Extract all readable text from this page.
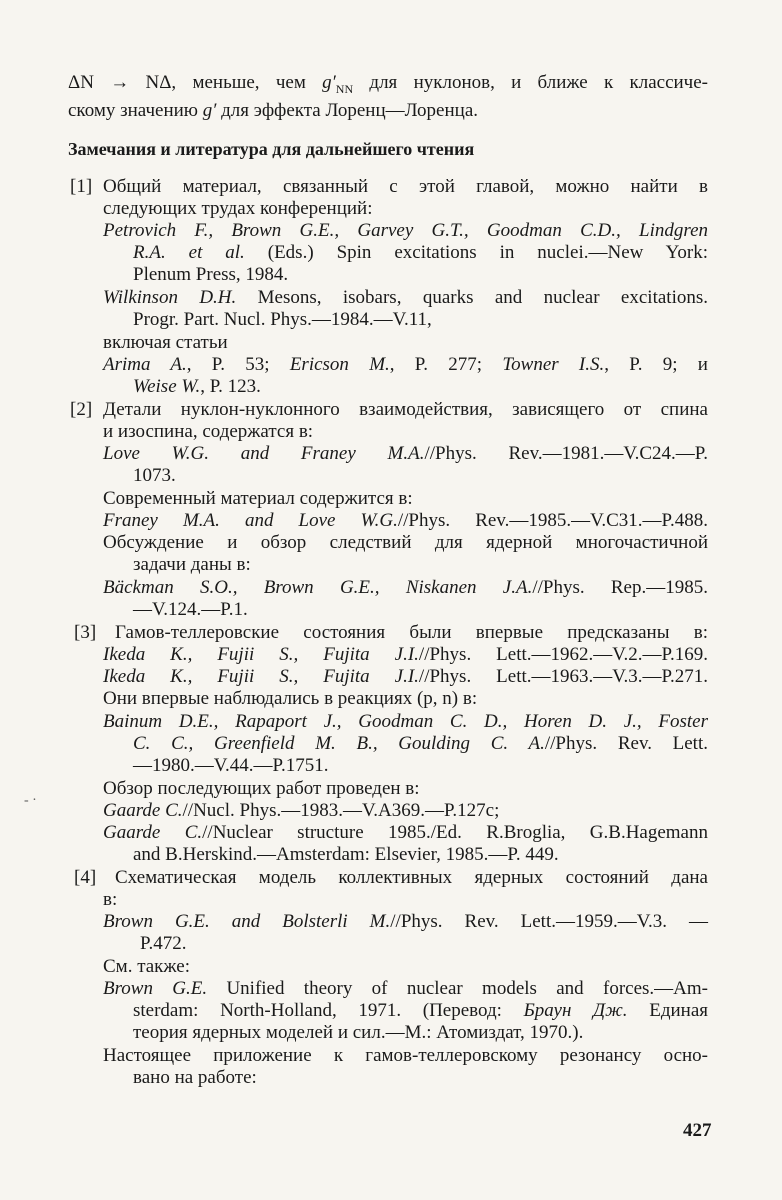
ΔN → NΔ, меньше, чем $g'_{NN}$ для нуклонов, и ближе к классиче-
скому значению g′ для эффекта Лоренц—Лоренца.
Замечания и литература для дальнейшего чтения
[1] Общий материал, связанный с этой главой, можно найти в
следующих трудах конференций:
Petrovich F., Brown G.E., Garvey G.T., Goodman C.D., Lindgren
R.A. et al. (Eds.) Spin excitations in nuclei.—New York:
Plenum Press, 1984.
Wilkinson D.H. Mesons, isobars, quarks and nuclear excitations.
Progr. Part. Nucl. Phys.—1984.—V.11,
включая статьи
Arima A., P. 53; Ericson M., P. 277; Towner I.S., P. 9; и
Weise W., P. 123.
[2] Детали нуклон-нуклонного взаимодействия, зависящего от спина
и изоспина, содержатся в:
Love W.G. and Franey M.A.//Phys. Rev.—1981.—V.C24.—P.
1073.
Современный материал содержится в:
Franey M.A. and Love W.G.//Phys. Rev.—1985.—V.C31.—P.488.
Обсуждение и обзор следствий для ядерной многочастичной
задачи даны в:
Bäckman S.O., Brown G.E., Niskanen J.A.//Phys. Rep.—1985.
—V.124.—P.1.
[3] Гамов-теллеровские состояния были впервые предсказаны в:
Ikeda K., Fujii S., Fujita J.I.//Phys. Lett.—1962.—V.2.—P.169.
Ikeda K., Fujii S., Fujita J.I.//Phys. Lett.—1963.—V.3.—P.271.
Они впервые наблюдались в реакциях (p, n) в:
Bainum D.E., Rapaport J., Goodman C. D., Horen D. J., Foster
C. C., Greenfield M. B., Goulding C. A.//Phys. Rev. Lett.
—1980.—V.44.—P.1751.
- ·
Обзор последующих работ проведен в:
Gaarde C.//Nucl. Phys.—1983.—V.A369.—P.127c;
Gaarde C.//Nuclear structure 1985./Ed. R.Broglia, G.B.Hagemann
and B.Herskind.—Amsterdam: Elsevier, 1985.—P. 449.
[4] Схематическая модель коллективных ядерных состояний дана
в:
Brown G.E. and Bolsterli M.//Phys. Rev. Lett.—1959.—V.3. —
P.472.
См. также:
Brown G.E. Unified theory of nuclear models and forces.—Am-
sterdam: North-Holland, 1971. (Перевод: Браун Дж. Единая
теория ядерных моделей и сил.—М.: Атомиздат, 1970.).
Настоящее приложение к гамов-теллеровскому резонансу осно-
вано на работе:
427
